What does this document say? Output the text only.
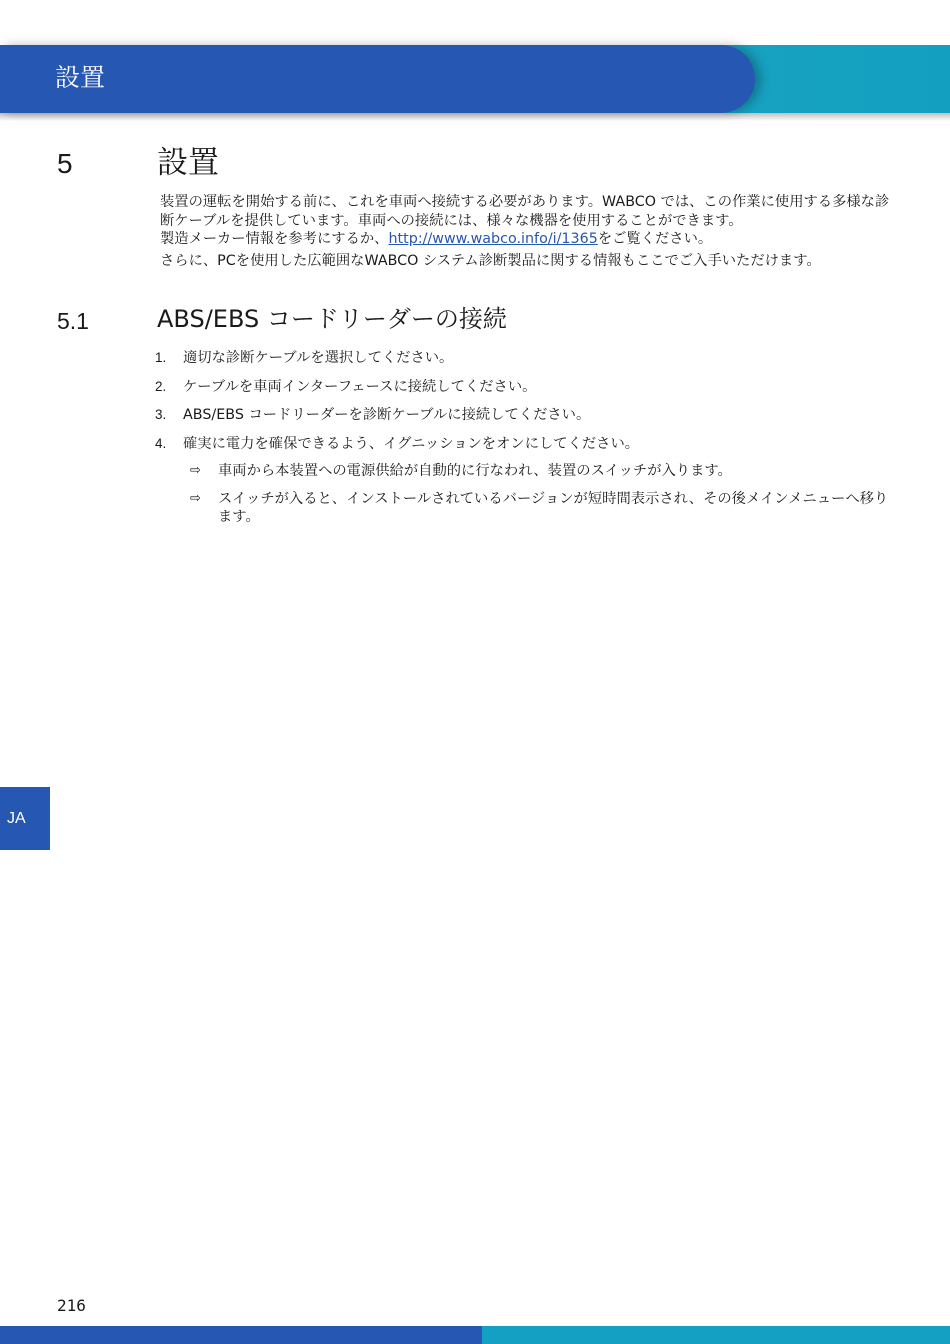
設置
5	設置

装置の運転を開始する前に、これを車両へ接続する必要があります。WABCO では、この作業に使用する多様な診断ケーブルを提供しています。車両への接続には、様々な機器を使用することができます。
製造メーカー情報を参考にするか、http://www.wabco.info/i/1365をご覧ください。

さらに、PCを使用した広範囲なWABCO システム診断製品に関する情報もここでご入手いただけます。

5.1	ABS/EBS コードリーダーの接続
1. 適切な診断ケーブルを選択してください。
2. ケーブルを車両インターフェースに接続してください。
3. ABS/EBS コードリーダーを診断ケーブルに接続してください。
4. 確実に電力を確保できるよう、イグニッションをオンにしてください。
⇨ 車両から本装置への電源供給が自動的に行なわれ、装置のスイッチが入ります。
⇨ スイッチが入ると、インストールされているバージョンが短時間表示され、その後メインメニューへ移ります。
JA
216
